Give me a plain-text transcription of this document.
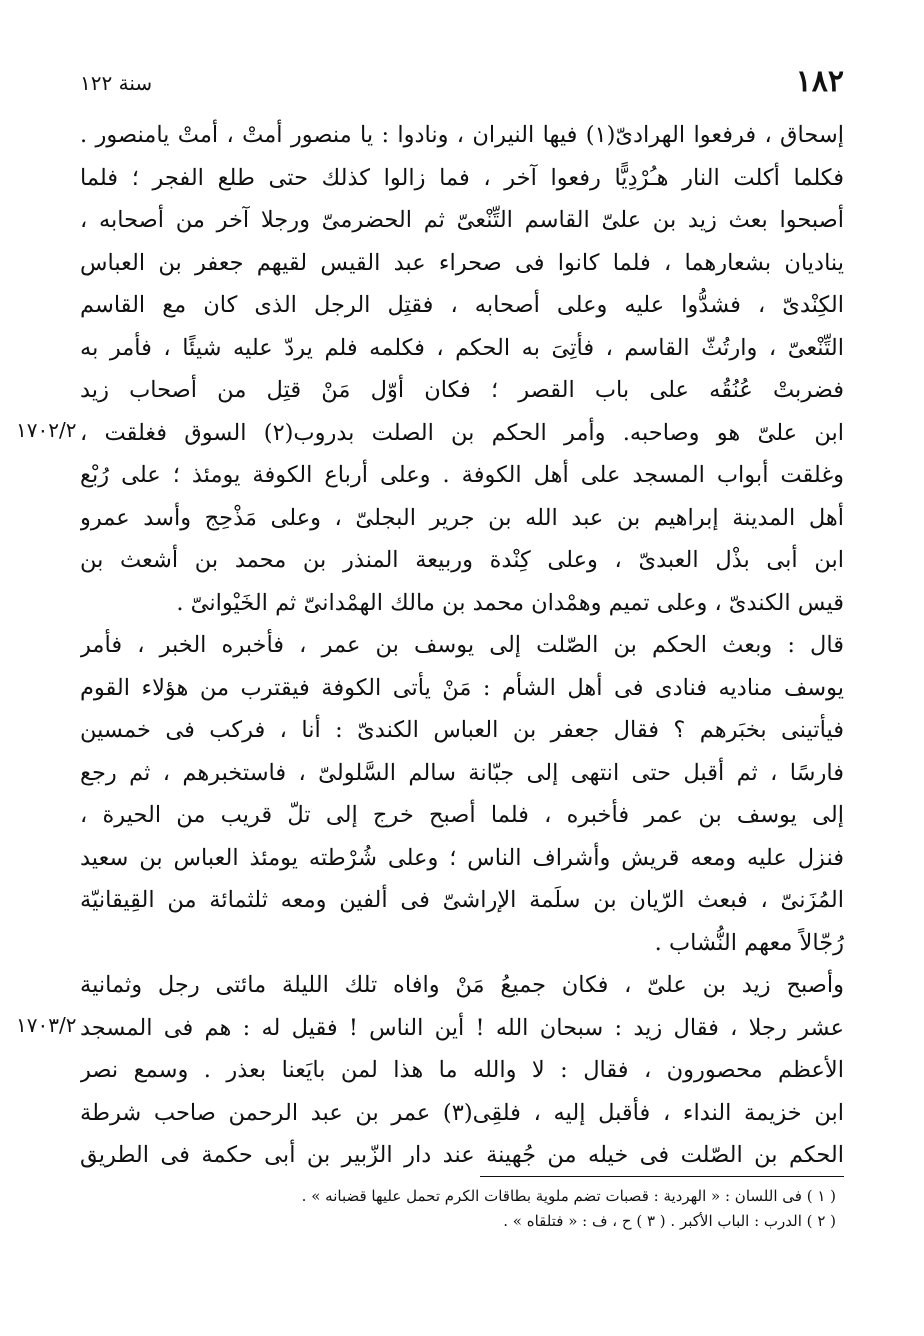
١٨٢
سنة ١٢٢
١٧٠٢/٢
١٧٠٣/٢
إسحاق ، فرفعوا الهرادىّ(١) فيها النيران ، ونادوا : يا منصور أمتْ ، أمتْ يامنصور .
فكلما أكلت النار هـُرْدِيًّا رفعوا آخر ، فما زالوا كذلك حتى طلع الفجر ؛ فلما
أصبحوا بعث زيد بن علىّ القاسم التِّنْعىّ ثم الحضرمىّ ورجلا آخر من أصحابه ،
يناديان بشعارهما ، فلما كانوا فى صحراء عبد القيس لقيهم جعفر بن العباس
الكِنْدىّ ، فشدُّوا عليه وعلى أصحابه ، فقتِل الرجل الذى كان مع القاسم
التِّنْعىّ ، وارتُثّ القاسم ، فأتِىَ به الحكم ، فكلمه فلم يردّ عليه شيئًا ، فأمر به
فضربتْ عُنُقُه على باب القصر ؛ فكان أوّل مَنْ قتِل من أصحاب زيد
ابن علىّ هو وصاحبه. وأمر الحكم بن الصلت بدروب(٢) السوق فغلقت ،
وغلقت أبواب المسجد على أهل الكوفة . وعلى أرباع الكوفة يومئذ ؛ على رُبْع
أهل المدينة إبراهيم بن عبد الله بن جرير البجلىّ ، وعلى مَذْحِج وأسد عمرو
ابن أبى بذْل العبدىّ ، وعلى كِنْدة وربيعة المنذر بن محمد بن أشعث بن
قيس الكندىّ ، وعلى تميم وهمْدان محمد بن مالك الهمْدانىّ ثم الخَيْوانىّ .
قال : وبعث الحكم بن الصّلت إلى يوسف بن عمر ، فأخبره الخبر ، فأمر
يوسف مناديه فنادى فى أهل الشأم : مَنْ يأتى الكوفة فيقترب من هؤلاء القوم
فيأتينى بخبَرهم ؟ فقال جعفر بن العباس الكندىّ : أنا ، فركب فى خمسين
فارسًا ، ثم أقبل حتى انتهى إلى جبّانة سالم السَّلولىّ ، فاستخبرهم ، ثم رجع
إلى يوسف بن عمر فأخبره ، فلما أصبح خرج إلى تلّ قريب من الحيرة ،
فنزل عليه ومعه قريش وأشراف الناس ؛ وعلى شُرْطته يومئذ العباس بن سعيد
المُزَنىّ ، فبعث الرّيان بن سلَمة الإراشىّ فى ألفين ومعه ثلثمائة من القِيقانيّة
رُجّالاً معهم النُّشاب .
وأصبح زيد بن علىّ ، فكان جميعُ مَنْ وافاه تلك الليلة مائتى رجل وثمانية
عشر رجلا ، فقال زيد : سبحان الله ! أين الناس ! فقيل له : هم فى المسجد
الأعظم محصورون ، فقال : لا والله ما هذا لمن بايَعنا بعذر . وسمع نصر
ابن خزيمة النداء ، فأقبل إليه ، فلقِى(٣) عمر بن عبد الرحمن صاحب شرطة
الحكم بن الصّلت فى خيله من جُهينة عند دار الزّبير بن أبى حكمة فى الطريق
( ١ ) فى اللسان : « الهردية : قصبات تضم ملوية بطاقات الكرم تحمل عليها قضبانه » .
( ٢ ) الدرب : الباب الأكبر . ( ٣ ) ح ، ف : « فتلقاه » .
